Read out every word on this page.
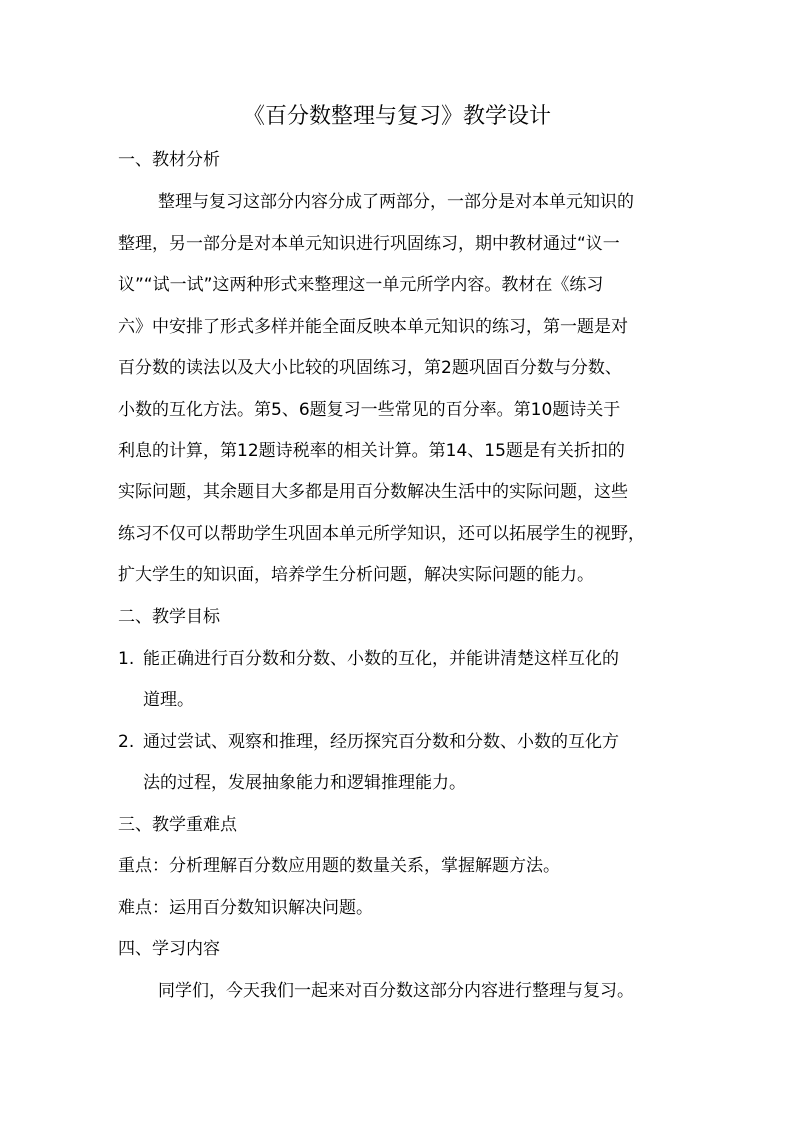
《百分数整理与复习》教学设计
一、教材分析
整理与复习这部分内容分成了两部分，一部分是对本单元知识的
整理，另一部分是对本单元知识进行巩固练习，期中教材通过“议一
议”“试一试”这两种形式来整理这一单元所学内容。教材在《练习
六》中安排了形式多样并能全面反映本单元知识的练习，第一题是对
百分数的读法以及大小比较的巩固练习，第2题巩固百分数与分数、
小数的互化方法。第5、6题复习一些常见的百分率。第10题诗关于
利息的计算，第12题诗税率的相关计算。第14、15题是有关折扣的
实际问题，其余题目大多都是用百分数解决生活中的实际问题，这些
练习不仅可以帮助学生巩固本单元所学知识，还可以拓展学生的视野，
扩大学生的知识面，培养学生分析问题，解决实际问题的能力。
二、教学目标
1. 能正确进行百分数和分数、小数的互化，并能讲清楚这样互化的
道理。
2. 通过尝试、观察和推理，经历探究百分数和分数、小数的互化方
法的过程，发展抽象能力和逻辑推理能力。
三、教学重难点
重点：分析理解百分数应用题的数量关系，掌握解题方法。
难点：运用百分数知识解决问题。
四、学习内容
同学们，今天我们一起来对百分数这部分内容进行整理与复习。
